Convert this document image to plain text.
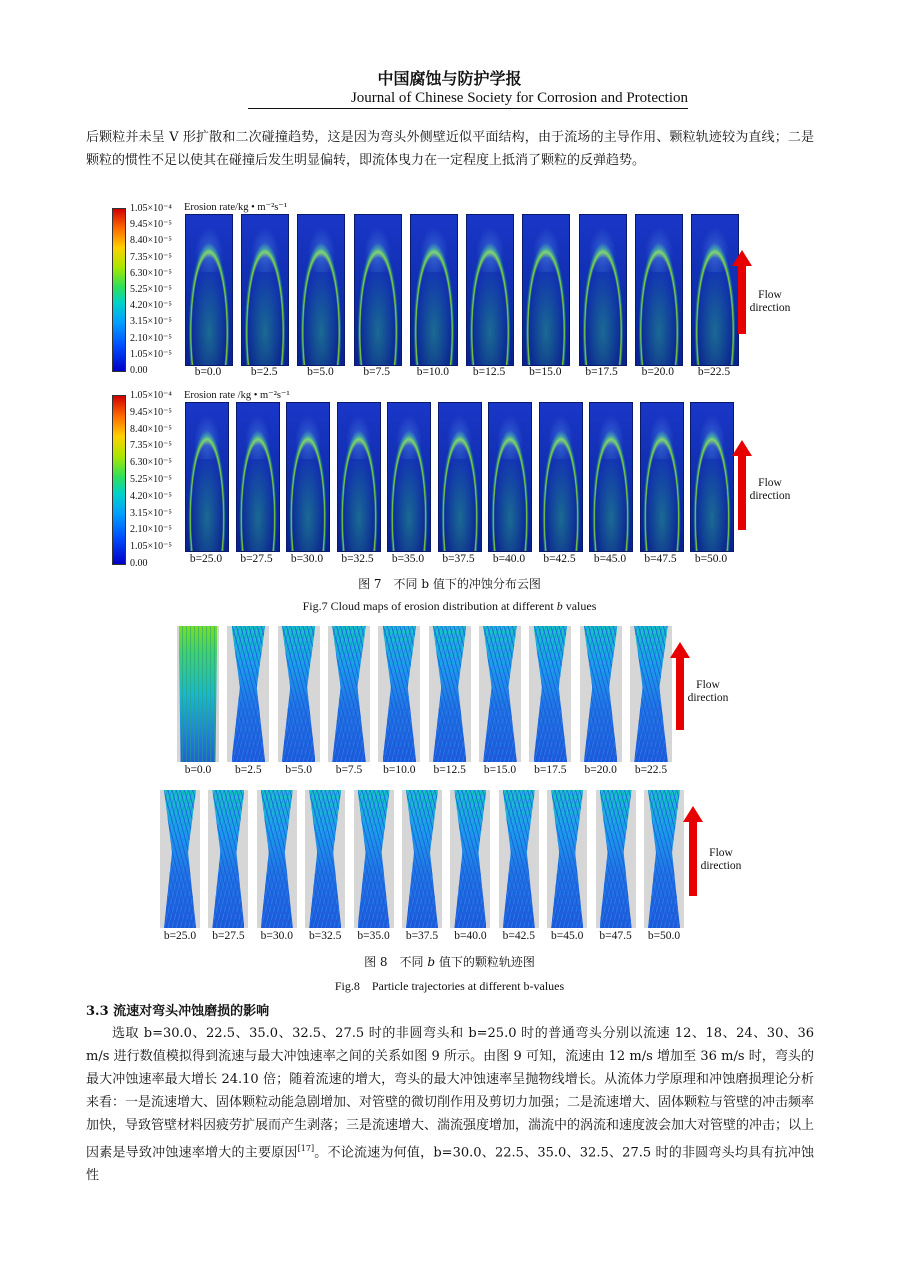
中国腐蚀与防护学报
Journal of Chinese Society for Corrosion and Protection
后颗粒并未呈 V 形扩散和二次碰撞趋势，这是因为弯头外侧壁近似平面结构，由于流场的主导作用、颗粒轨迹较为直线；二是颗粒的惯性不足以使其在碰撞后发生明显偏转，即流体曳力在一定程度上抵消了颗粒的反弹趋势。
Erosion rate/kg • m⁻²s⁻¹
1.05×10⁻⁴
9.45×10⁻⁵
8.40×10⁻⁵
7.35×10⁻⁵
6.30×10⁻⁵
5.25×10⁻⁵
4.20×10⁻⁵
3.15×10⁻⁵
2.10×10⁻⁵
1.05×10⁻⁵
0.00	b=0.0	b=2.5	b=5.0	b=7.5	b=10.0	b=12.5	b=15.0	b=17.5	b=20.0	b=22.5
Erosion rate /kg • m⁻²s⁻¹
1.05×10⁻⁴
9.45×10⁻⁵
8.40×10⁻⁵
7.35×10⁻⁵
6.30×10⁻⁵
5.25×10⁻⁵
4.20×10⁻⁵
3.15×10⁻⁵
2.10×10⁻⁵
1.05×10⁻⁵
0.00	b=25.0	b=27.5	b=30.0	b=32.5	b=35.0	b=37.5	b=40.0	b=42.5	b=45.0	b=47.5	b=50.0
Flow direction
Flow direction
图 7　不同 b 值下的冲蚀分布云图
Fig.7 Cloud maps of erosion distribution at different b values
b=0.0	b=2.5	b=5.0	b=7.5	b=10.0	b=12.5	b=15.0	b=17.5	b=20.0	b=22.5
b=25.0	b=27.5	b=30.0	b=32.5	b=35.0	b=37.5	b=40.0	b=42.5	b=45.0	b=47.5	b=50.0
Flow direction
Flow direction
图 8　不同 b 值下的颗粒轨迹图
Fig.8　Particle trajectories at different b-values
3.3 流速对弯头冲蚀磨损的影响
选取 b=30.0、22.5、35.0、32.5、27.5 时的非圆弯头和 b=25.0 时的普通弯头分别以流速 12、18、24、30、36 m/s 进行数值模拟得到流速与最大冲蚀速率之间的关系如图 9 所示。由图 9 可知，流速由 12 m/s 增加至 36 m/s 时，弯头的最大冲蚀速率最大增长 24.10 倍；随着流速的增大，弯头的最大冲蚀速率呈抛物线增长。从流体力学原理和冲蚀磨损理论分析来看：一是流速增大、固体颗粒动能急剧增加、对管壁的微切削作用及剪切力加强；二是流速增大、固体颗粒与管壁的冲击频率加快，导致管壁材料因疲劳扩展而产生剥落；三是流速增大、湍流强度增加，湍流中的涡流和速度波会加大对管壁的冲击；以上因素是导致冲蚀速率增大的主要原因[17]。不论流速为何值，b=30.0、22.5、35.0、32.5、27.5 时的非圆弯头均具有抗冲蚀性
